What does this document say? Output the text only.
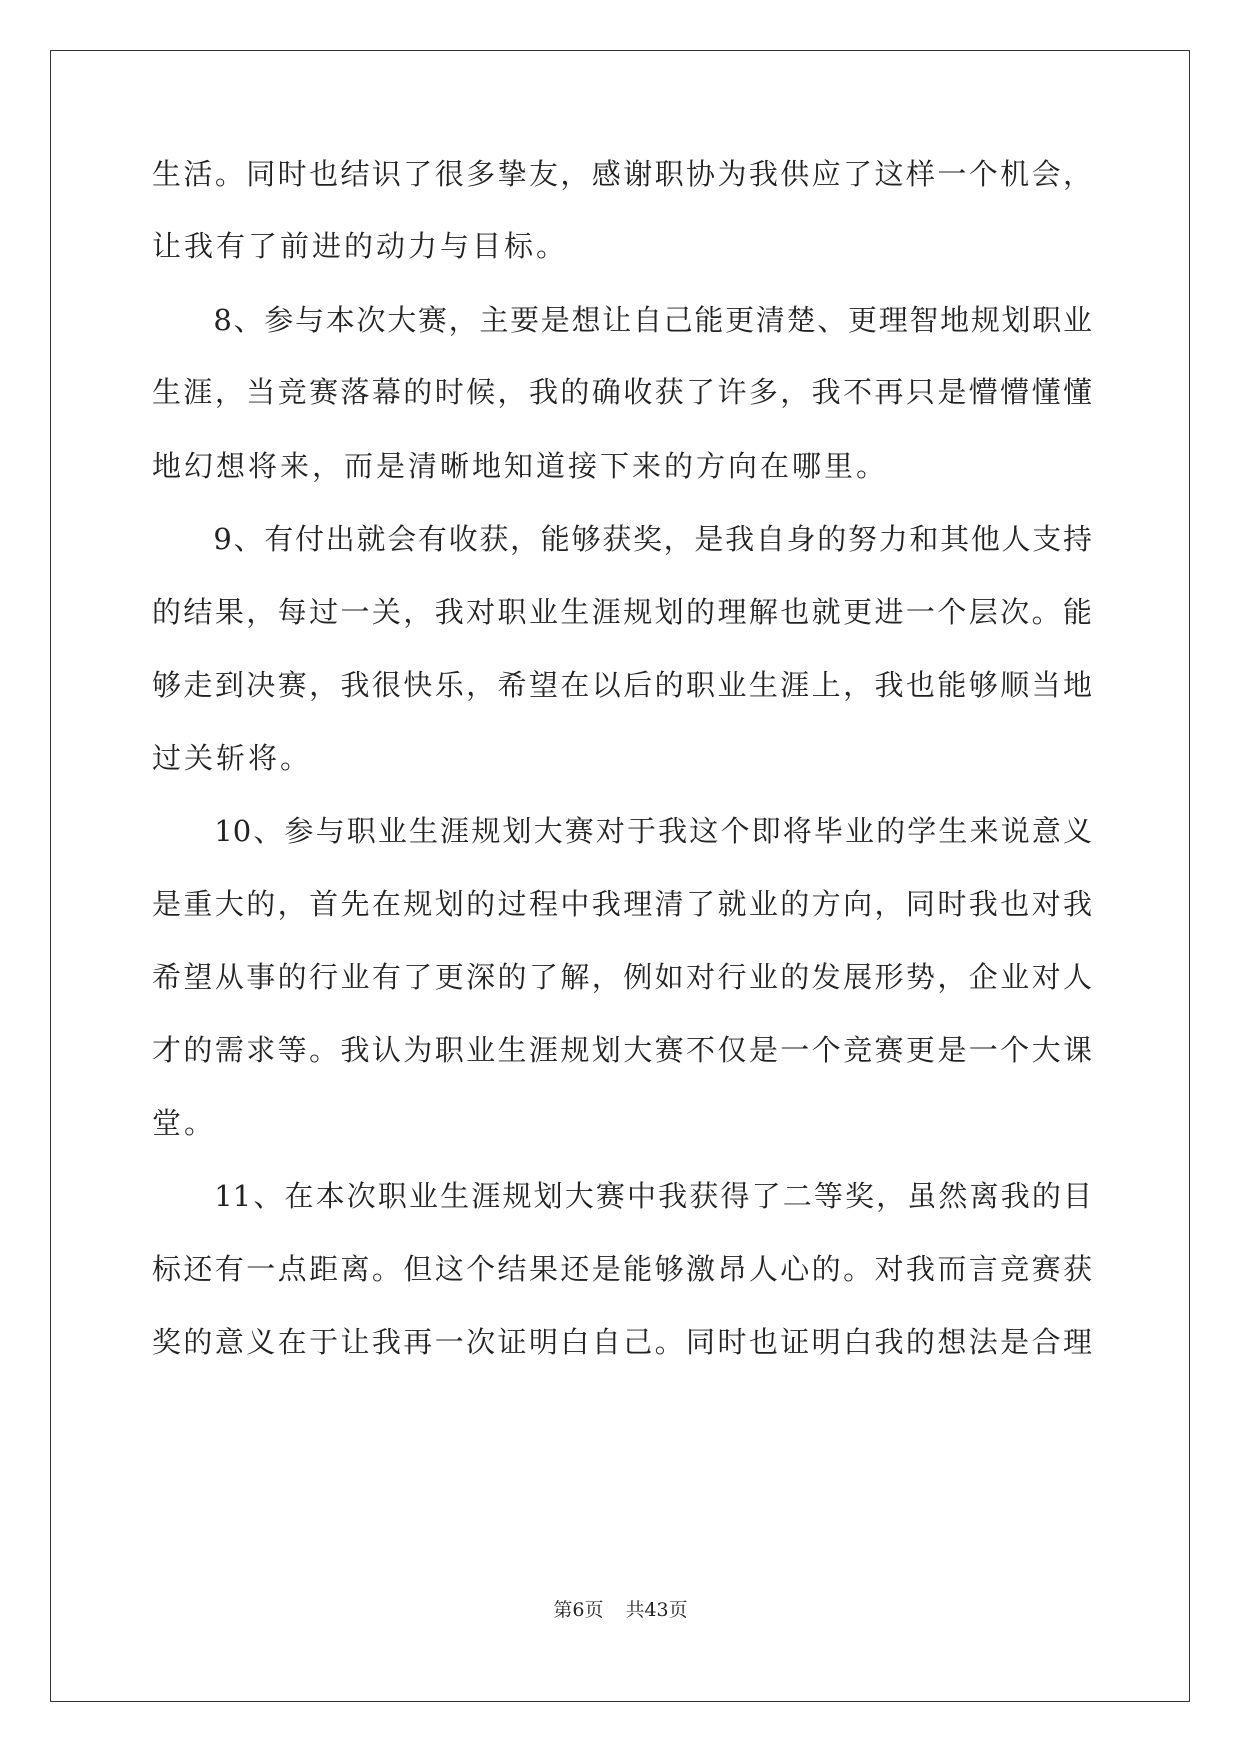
生活。同时也结识了很多挚友，感谢职协为我供应了这样一个机会，
让我有了前进的动力与目标。
　　8、参与本次大赛，主要是想让自己能更清楚、更理智地规划职业
生涯，当竞赛落幕的时候，我的确收获了许多，我不再只是懵懵懂懂
地幻想将来，而是清晰地知道接下来的方向在哪里。
　　9、有付出就会有收获，能够获奖，是我自身的努力和其他人支持
的结果，每过一关，我对职业生涯规划的理解也就更进一个层次。能
够走到决赛，我很快乐，希望在以后的职业生涯上，我也能够顺当地
过关斩将。
　　10、参与职业生涯规划大赛对于我这个即将毕业的学生来说意义
是重大的，首先在规划的过程中我理清了就业的方向，同时我也对我
希望从事的行业有了更深的了解，例如对行业的发展形势，企业对人
才的需求等。我认为职业生涯规划大赛不仅是一个竞赛更是一个大课
堂。
　　11、在本次职业生涯规划大赛中我获得了二等奖，虽然离我的目
标还有一点距离。但这个结果还是能够激昂人心的。对我而言竞赛获
奖的意义在于让我再一次证明白自己。同时也证明白我的想法是合理
第6页 共43页
